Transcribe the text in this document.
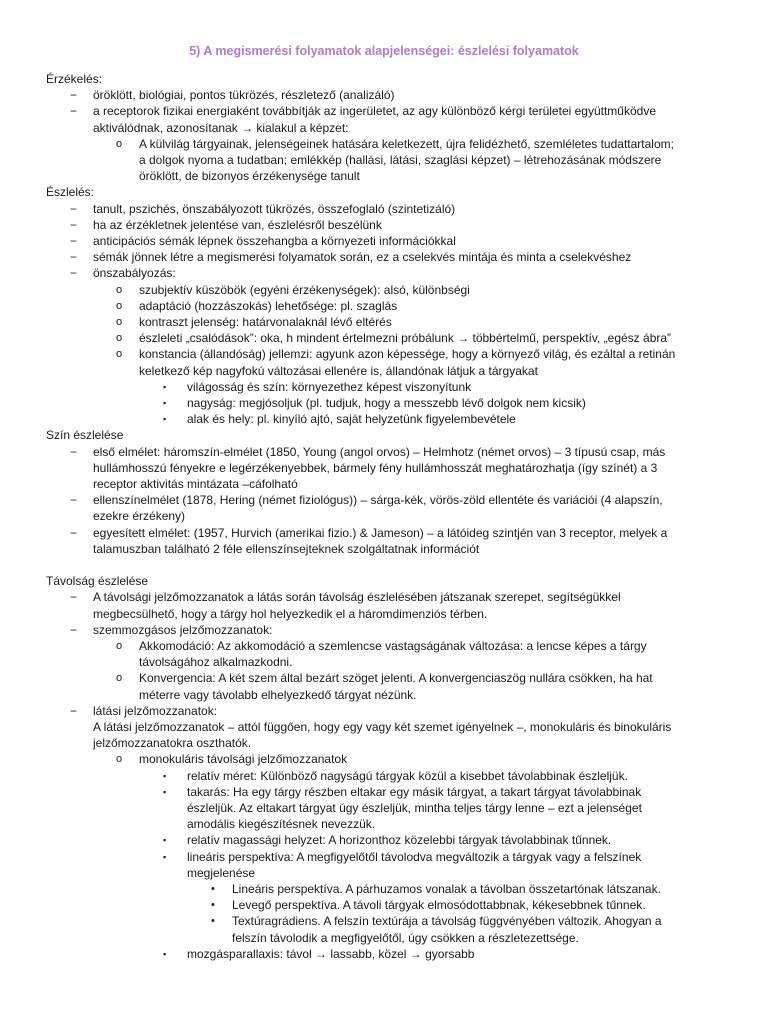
5) A megismerési folyamatok alapjelenségei: észlelési folyamatok
Érzékelés:
− öröklött, biológiai, pontos tükrözés, részletező (analizáló)
− a receptorok fizikai energiaként továbbítják az ingerületet, az agy különböző kérgi területei együttműködve
aktiválódnak, azonosítanak → kialakul a képzet:
o A külvilág tárgyainak, jelenségeinek hatására keletkezett, újra felidézhető, szemléletes tudattartalom;
a dolgok nyoma a tudatban; emlékkép (hallási, látási, szaglási képzet) – létrehozásának módszere
öröklött, de bizonyos érzékenysége tanult
Észlelés:
− tanult, pszichés, önszabályozott tükrözés, összefoglaló (szintetizáló)
− ha az érzékletnek jelentése van, észlelésről beszélünk
− anticipációs sémák lépnek összehangba a környezeti információkkal
− sémák jönnek létre a megismerési folyamatok során, ez a cselekvés mintája és minta a cselekvéshez
− önszabályozás:
o szubjektív küszöbök (egyéni érzékenységek): alsó, különbségi
o adaptáció (hozzászokás) lehetősége: pl. szaglás
o kontraszt jelenség: határvonalaknál lévő eltérés
o észleleti „csalódások”: oka, h mindent értelmezni próbálunk → többértelmű, perspektív, „egész ábra”
o konstancia (állandóság) jellemzi: agyunk azon képessége, hogy a környező világ, és ezáltal a retinán
keletkező kép nagyfokú változásai ellenére is, állandónak látjuk a tárgyakat
▪ világosság és szín: környezethez képest viszonyítunk
▪ nagyság: megjósoljuk (pl. tudjuk, hogy a messzebb lévő dolgok nem kicsik)
▪ alak és hely: pl. kinyíló ajtó, saját helyzetünk figyelembevétele
Szín észlelése
− első elmélet: háromszín-elmélet (1850, Young (angol orvos) – Helmhotz (német orvos) – 3 típusú csap, más
hullámhosszú fényekre e legérzékenyebbek, bármely fény hullámhosszát meghatározhatja (így színét) a 3
receptor aktivitás mintázata –cáfolható
− ellenszínelmélet (1878, Hering (német fiziológus)) – sárga-kék, vörös-zöld ellentéte és variációi (4 alapszín,
ezekre érzékeny)
− egyesített elmélet: (1957, Hurvich (amerikai fizio.) & Jameson) – a látóideg szintjén van 3 receptor, melyek a
talamuszban található 2 féle ellenszínsejteknek szolgáltatnak információt
Távolság észlelése
− A távolsági jelzőmozzanatok a látás során távolság észlelésében játszanak szerepet, segítségükkel
megbecsülhető, hogy a tárgy hol helyezkedik el a háromdimenziós térben.
− szemmozgásos jelzőmozzanatok:
o Akkomodáció: Az akkomodáció a szemlencse vastagságának változása: a lencse képes a tárgy
távolságához alkalmazkodni.
o Konvergencia: A két szem által bezárt szöget jelenti. A konvergenciaszög nullára csökken, ha hat
méterre vagy távolabb elhelyezkedő tárgyat nézünk.
− látási jelzőmozzanatok:
A látási jelzőmozzanatok – attól függően, hogy egy vagy két szemet igényelnek –, monokuláris és binokuláris
jelzőmozzanatokra oszthatók.
o monokuláris távolsági jelzőmozzanatok
▪ relatív méret: Különböző nagyságú tárgyak közül a kisebbet távolabbinak észleljük.
▪ takarás: Ha egy tárgy részben eltakar egy másik tárgyat, a takart tárgyat távolabbinak
észleljük. Az eltakart tárgyat úgy észleljük, mintha teljes tárgy lenne – ezt a jelenséget
amodális kiegészítésnek nevezzük.
▪ relatív magassági helyzet: A horizonthoz közelebbi tárgyak távolabbinak tűnnek.
▪ lineáris perspektíva: A megfigyelőtől távolodva megváltozik a tárgyak vagy a felszínek
megjelenése
• Lineáris perspektíva. A párhuzamos vonalak a távolban összetartónak látszanak.
• Levegő perspektíva. A távoli tárgyak elmosódottabbnak, kékesebbnek tűnnek.
• Textúragrádiens. A felszín textúrája a távolság függvényében változik. Ahogyan a
felszín távolodik a megfigyelőtől, úgy csökken a részletezettsége.
▪ mozgásparallaxis: távol → lassabb, közel → gyorsabb
